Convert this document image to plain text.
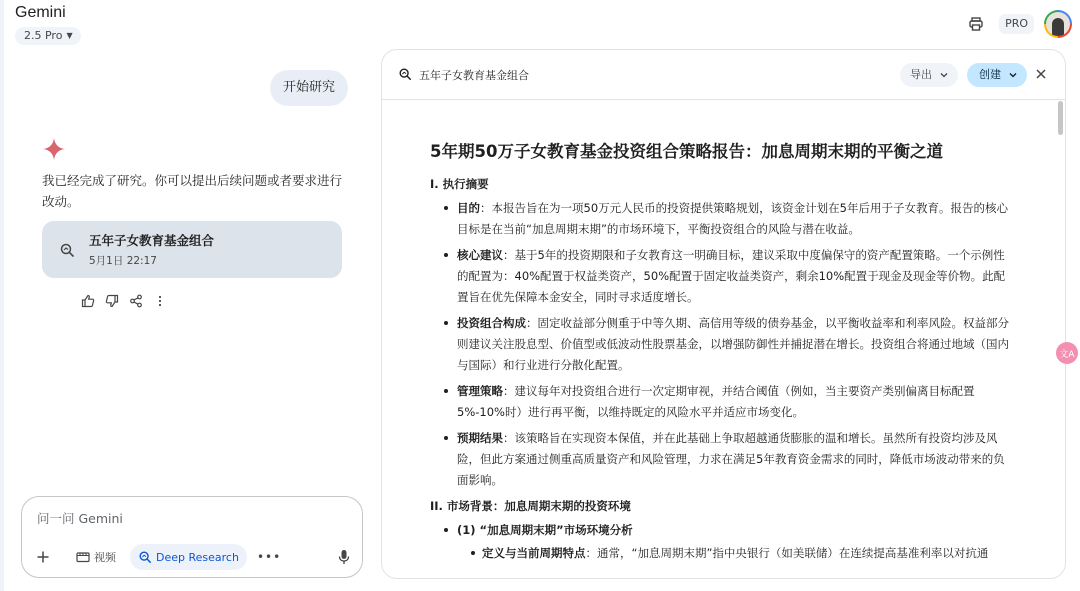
Gemini
2.5 Pro ▼
PRO
开始研究
我已经完成了研究。你可以提出后续问题或者要求进行改动。
五年子女教育基金组合
5月1日 22:17
问一问 Gemini
视频	Deep Research •••
五年子女教育基金组合	导出	创建
5年期50万子女教育基金投资组合策略报告：加息周期末期的平衡之道
I. 执行摘要
目的：本报告旨在为一项50万元人民币的投资提供策略规划，该资金计划在5年后用于子女教育。报告的核心目标是在当前“加息周期末期”的市场环境下，平衡投资组合的风险与潜在收益。
核心建议：基于5年的投资期限和子女教育这一明确目标，建议采取中度偏保守的资产配置策略。一个示例性的配置为：40%配置于权益类资产，50%配置于固定收益类资产，剩余10%配置于现金及现金等价物。此配置旨在优先保障本金安全，同时寻求适度增长。
投资组合构成：固定收益部分侧重于中等久期、高信用等级的债券基金，以平衡收益率和利率风险。权益部分则建议关注股息型、价值型或低波动性股票基金，以增强防御性并捕捉潜在增长。投资组合将通过地域（国内与国际）和行业进行分散化配置。
管理策略：建议每年对投资组合进行一次定期审视，并结合阈值（例如，当主要资产类别偏离目标配置5%-10%时）进行再平衡，以维持既定的风险水平并适应市场变化。
预期结果：该策略旨在实现资本保值，并在此基础上争取超越通货膨胀的温和增长。虽然所有投资均涉及风险，但此方案通过侧重高质量资产和风险管理，力求在满足5年教育资金需求的同时，降低市场波动带来的负面影响。
II. 市场背景：加息周期末期的投资环境
(1) “加息周期末期”市场环境分析
定义与当前周期特点：通常，“加息周期末期”指中央银行（如美联储）在连续提高基准利率以对抗通
文A
